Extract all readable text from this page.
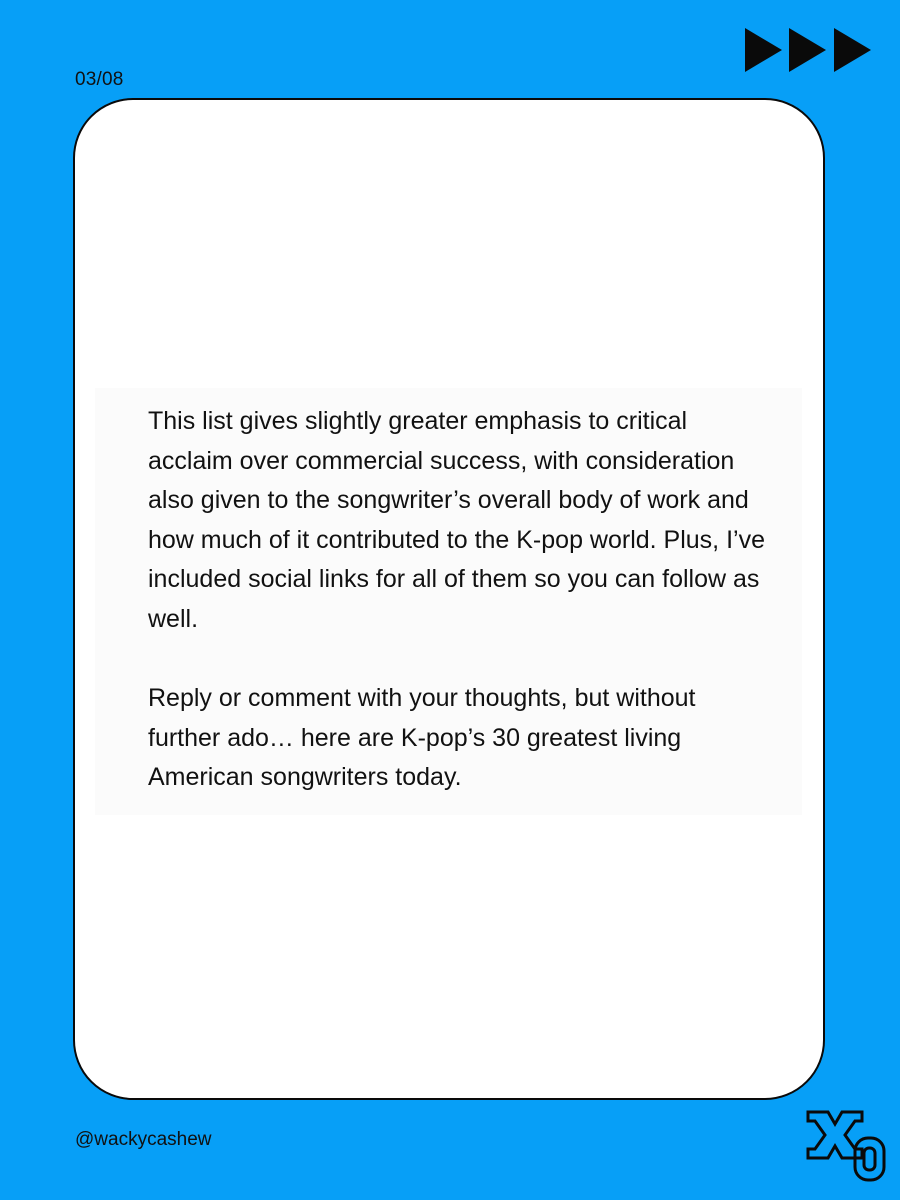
03/08

This list gives slightly greater emphasis to critical acclaim over commercial success, with consideration also given to the songwriter’s overall body of work and how much of it contributed to the K-pop world. Plus, I’ve included social links for all of them so you can follow as well.

Reply or comment with your thoughts, but without further ado… here are K-pop’s 30 greatest living American songwriters today.

@wackycashew
